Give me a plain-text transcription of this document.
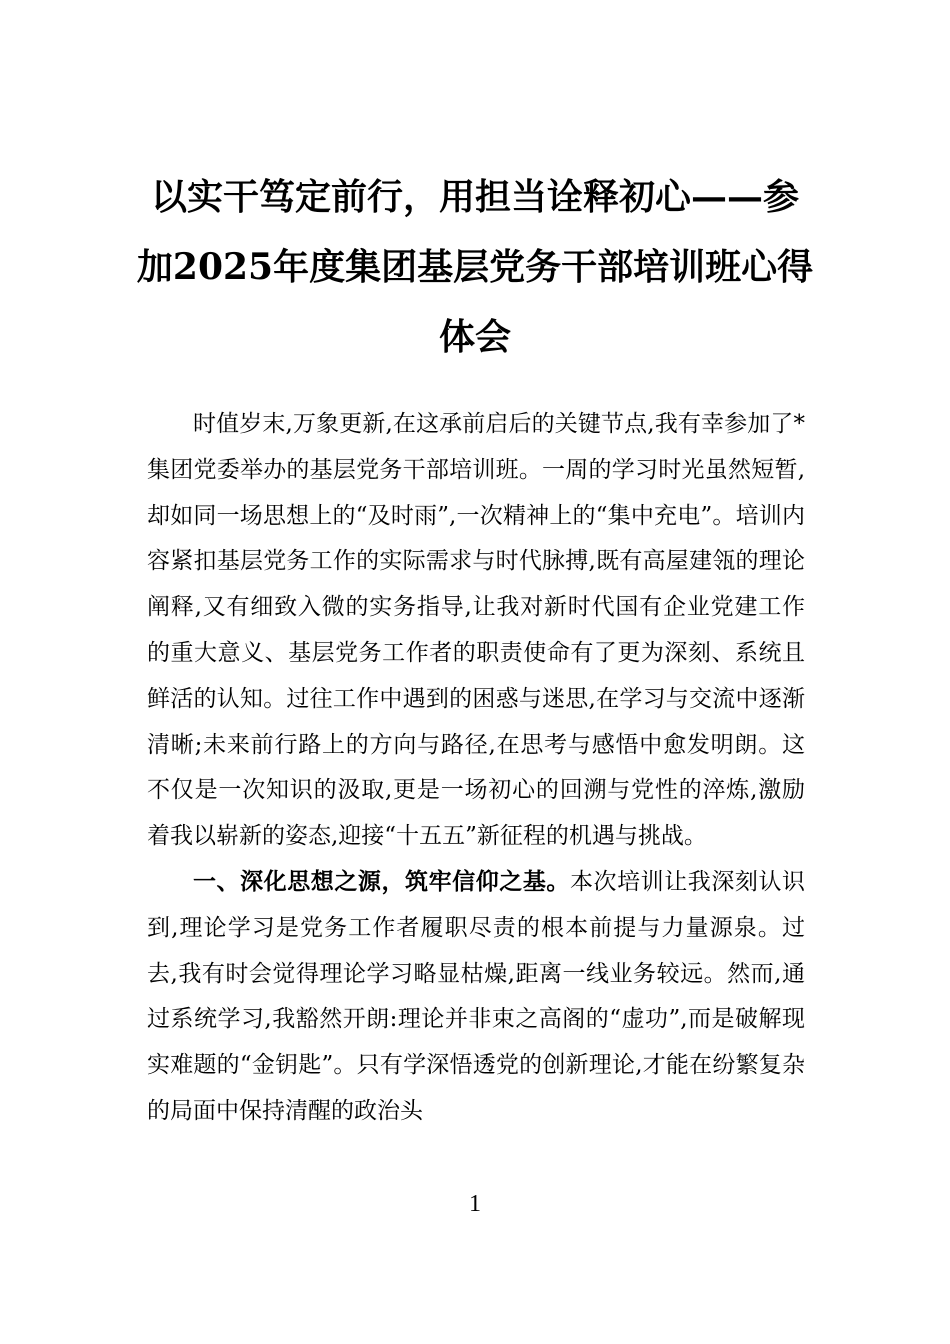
以实干笃定前行，用担当诠释初心——参
加2025年度集团基层党务干部培训班心得
体会

时值岁末,万象更新,在这承前启后的关键节点,我有幸参加了*集团党委举办的基层党务干部培训班。一周的学习时光虽然短暂,却如同一场思想上的“及时雨”,一次精神上的“集中充电”。培训内容紧扣基层党务工作的实际需求与时代脉搏,既有高屋建瓴的理论阐释,又有细致入微的实务指导,让我对新时代国有企业党建工作的重大意义、基层党务工作者的职责使命有了更为深刻、系统且鲜活的认知。过往工作中遇到的困惑与迷思,在学习与交流中逐渐清晰;未来前行路上的方向与路径,在思考与感悟中愈发明朗。这不仅是一次知识的汲取,更是一场初心的回溯与党性的淬炼,激励着我以崭新的姿态,迎接“十五五”新征程的机遇与挑战。

一、深化思想之源，筑牢信仰之基。本次培训让我深刻认识到,理论学习是党务工作者履职尽责的根本前提与力量源泉。过去,我有时会觉得理论学习略显枯燥,距离一线业务较远。然而,通过系统学习,我豁然开朗:理论并非束之高阁的“虚功”,而是破解现实难题的“金钥匙”。只有学深悟透党的创新理论,才能在纷繁复杂的局面中保持清醒的政治头

1
